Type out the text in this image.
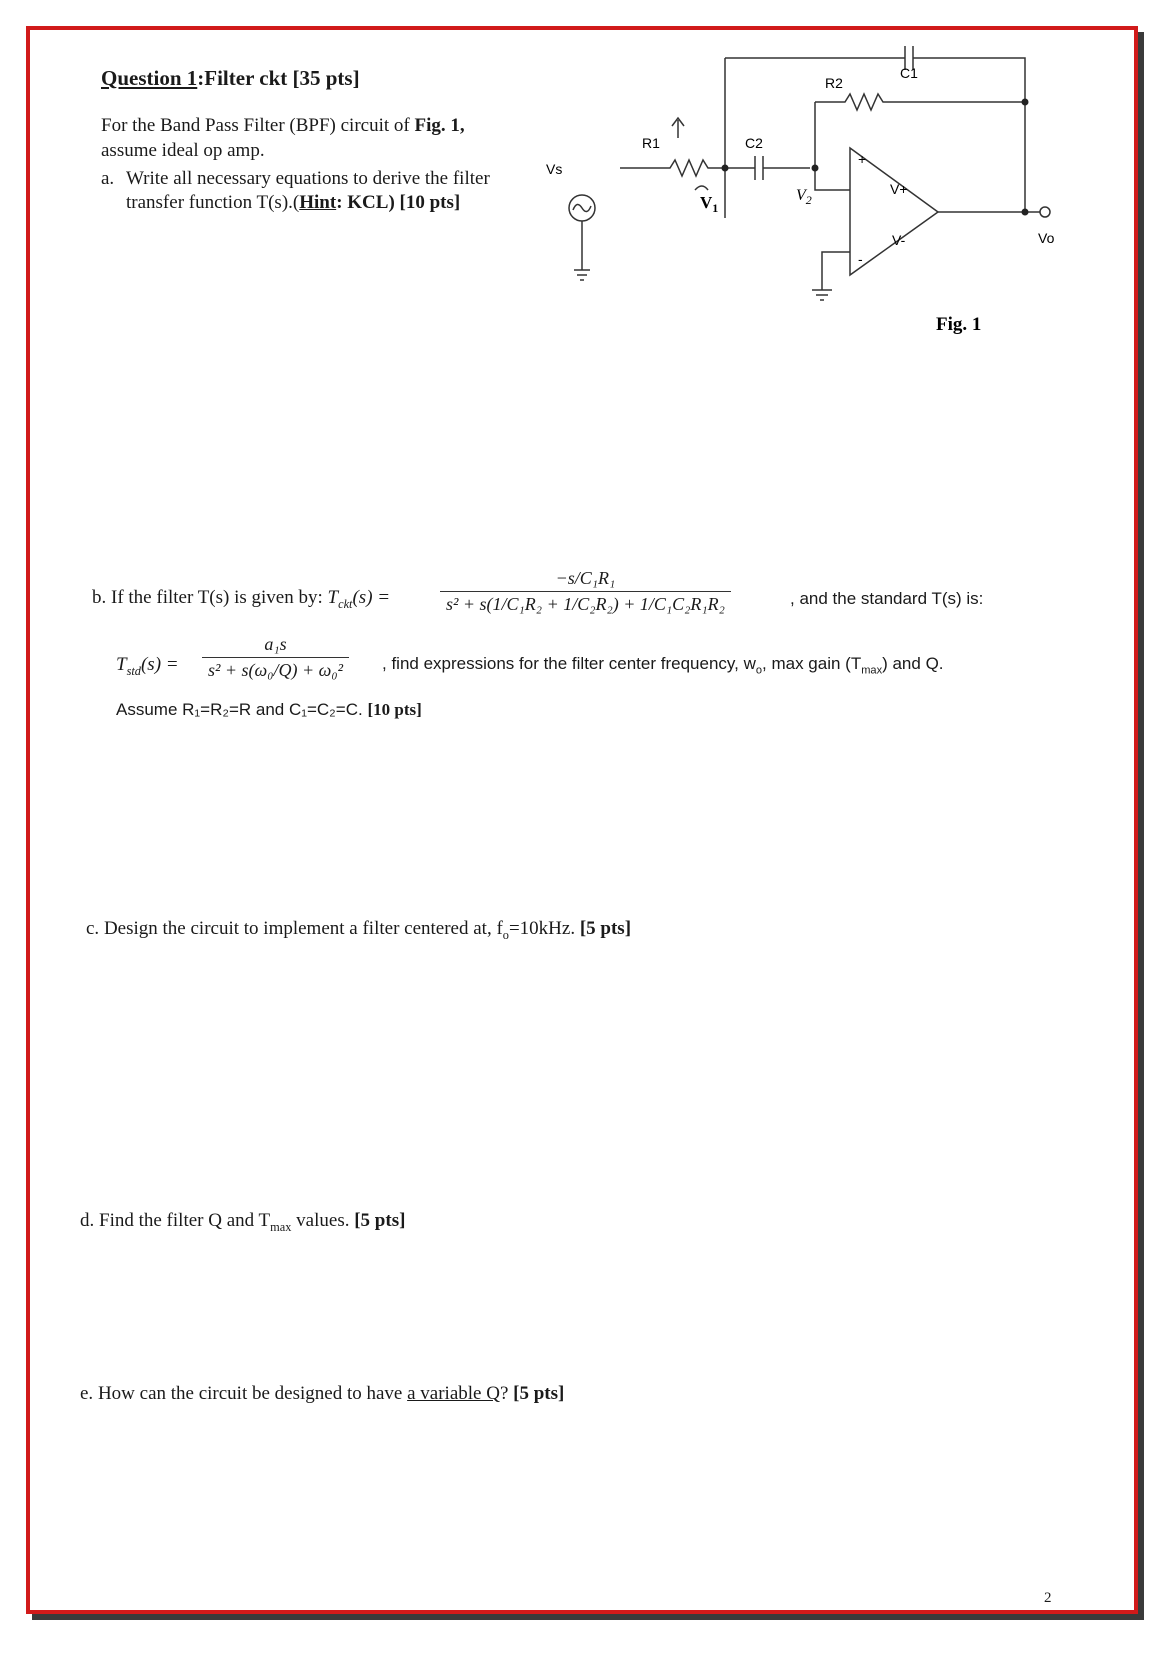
Question 1:Filter ckt [35 pts]
For the Band Pass Filter (BPF) circuit of Fig. 1,
assume ideal op amp.
a. Write all necessary equations to derive the filter
transfer function T(s).(Hint: KCL) [10 pts]
Vs
R1	C2
R2
C1
$V_1$
$V_2$
+
-
V+
V-	Vo
Fig. 1
b. If the filter T(s) is given by: $T_{ckt}(s)$ =	$\frac{\text{−s/C₁R₁}}{\text{s² + s(1/C₁R₂ + 1/C₂R₂) + 1/C₁C₂R₁R₂}}$	, and the standard T(s) is:
$T_{std}(s) = \frac{\text{a₁s}}{\text{s² + s(ω₀/Q) + ω₀²}}$ , find expressions for the filter center frequency, $w_o$, max gain $(T_{max})$ and Q.
Assume R₁=R₂=R and C₁=C₂=C. [10 pts]
c. Design the circuit to implement a filter centered at, $f_o=10kHz$. [5 pts]
d. Find the filter Q and $T_{max}$ values. [5 pts]
e. How can the circuit be designed to have a variable Q? [5 pts]
2
